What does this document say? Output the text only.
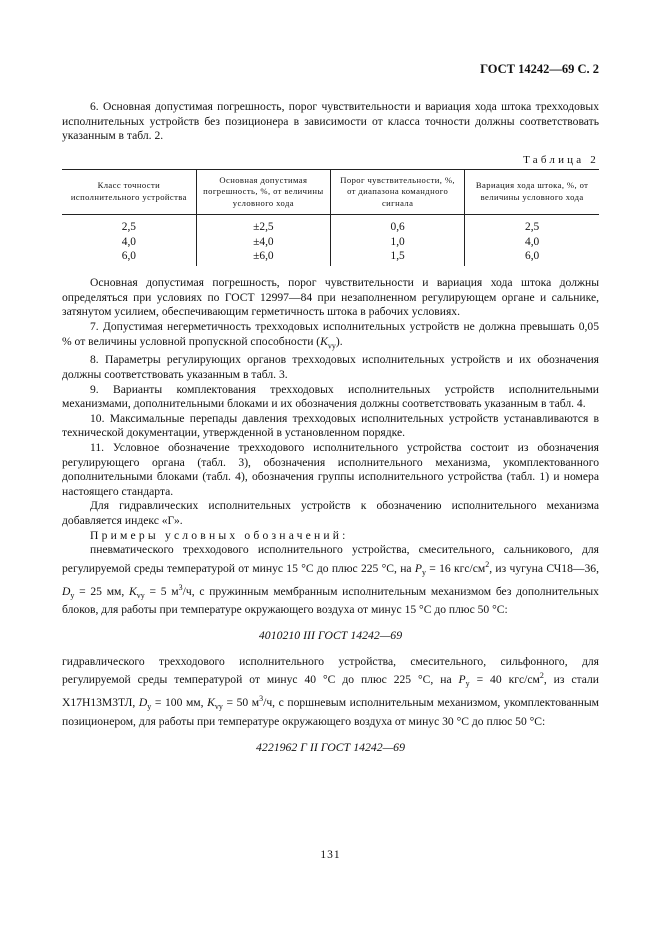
ГОСТ 14242—69 С. 2

6. Основная допустимая погрешность, порог чувствительности и вариация хода штока трехходовых исполнительных устройств без позиционера в зависимости от класса точности должны соответствовать указанным в табл. 2.

Таблица 2
Класс точности исполнительного устройства	Основная допустимая погрешность, %, от величины условного хода	Порог чувствительности, %, от диапазона командного сигнала	Вариация хода штока, %, от величины условного хода
2,5	±2,5	0,6	2,5
4,0	±4,0	1,0	4,0
6,0	±6,0	1,5	6,0

Основная допустимая погрешность, порог чувствительности и вариация хода штока должны определяться при условиях по ГОСТ 12997—84 при незаполненном регулирующем органе и сальнике, затянутом усилием, обеспечивающим герметичность штока в рабочих условиях.

7. Допустимая негерметичность трехходовых исполнительных устройств не должна превышать 0,05 % от величины условной пропускной способности $(K_{vy})$.

8. Параметры регулирующих органов трехходовых исполнительных устройств и их обозначения должны соответствовать указанным в табл. 3.

9. Варианты комплектования трехходовых исполнительных устройств исполнительными механизмами, дополнительными блоками и их обозначения должны соответствовать указанным в табл. 4.

10. Максимальные перепады давления трехходовых исполнительных устройств устанавливаются в технической документации, утвержденной в установленном порядке.

11. Условное обозначение трехходового исполнительного устройства состоит из обозначения регулирующего органа (табл. 3), обозначения исполнительного механизма, укомплектованного дополнительными блоками (табл. 4), обозначения группы исполнительного устройства (табл. 1) и номера настоящего стандарта.

Для гидравлических исполнительных устройств к обозначению исполнительного механизма добавляется индекс «Г».

Примеры условных обозначений:

пневматического трехходового исполнительного устройства, смесительного, сальникового, для регулируемой среды температурой от минус 15 °С до плюс 225 °С, на $P_y = 16$ кгс/$см^2$, из чугуна СЧ18—36, $D_y = 25$ мм, $K_{vy} = 5$ $м^3/ч$, с пружинным мембранным исполнительным механизмом без дополнительных блоков, для работы при температуре окружающего воздуха от минус 15 °С до плюс 50 °С:

4010210 III ГОСТ 14242—69

гидравлического трехходового исполнительного устройства, смесительного, сильфонного, для регулируемой среды температурой от минус 40 °С до плюс 225 °С, на $P_y = 40$ кгс/$см^2$, из стали Х17Н13М3ТЛ, $D_y = 100$ мм, $K_{vy} = 50$ $м^3/ч$, с поршневым исполнительным механизмом, укомплектованным позиционером, для работы при температуре окружающего воздуха от минус 30 °С до плюс 50 °С:

4221962 Г II ГОСТ 14242—69
131
